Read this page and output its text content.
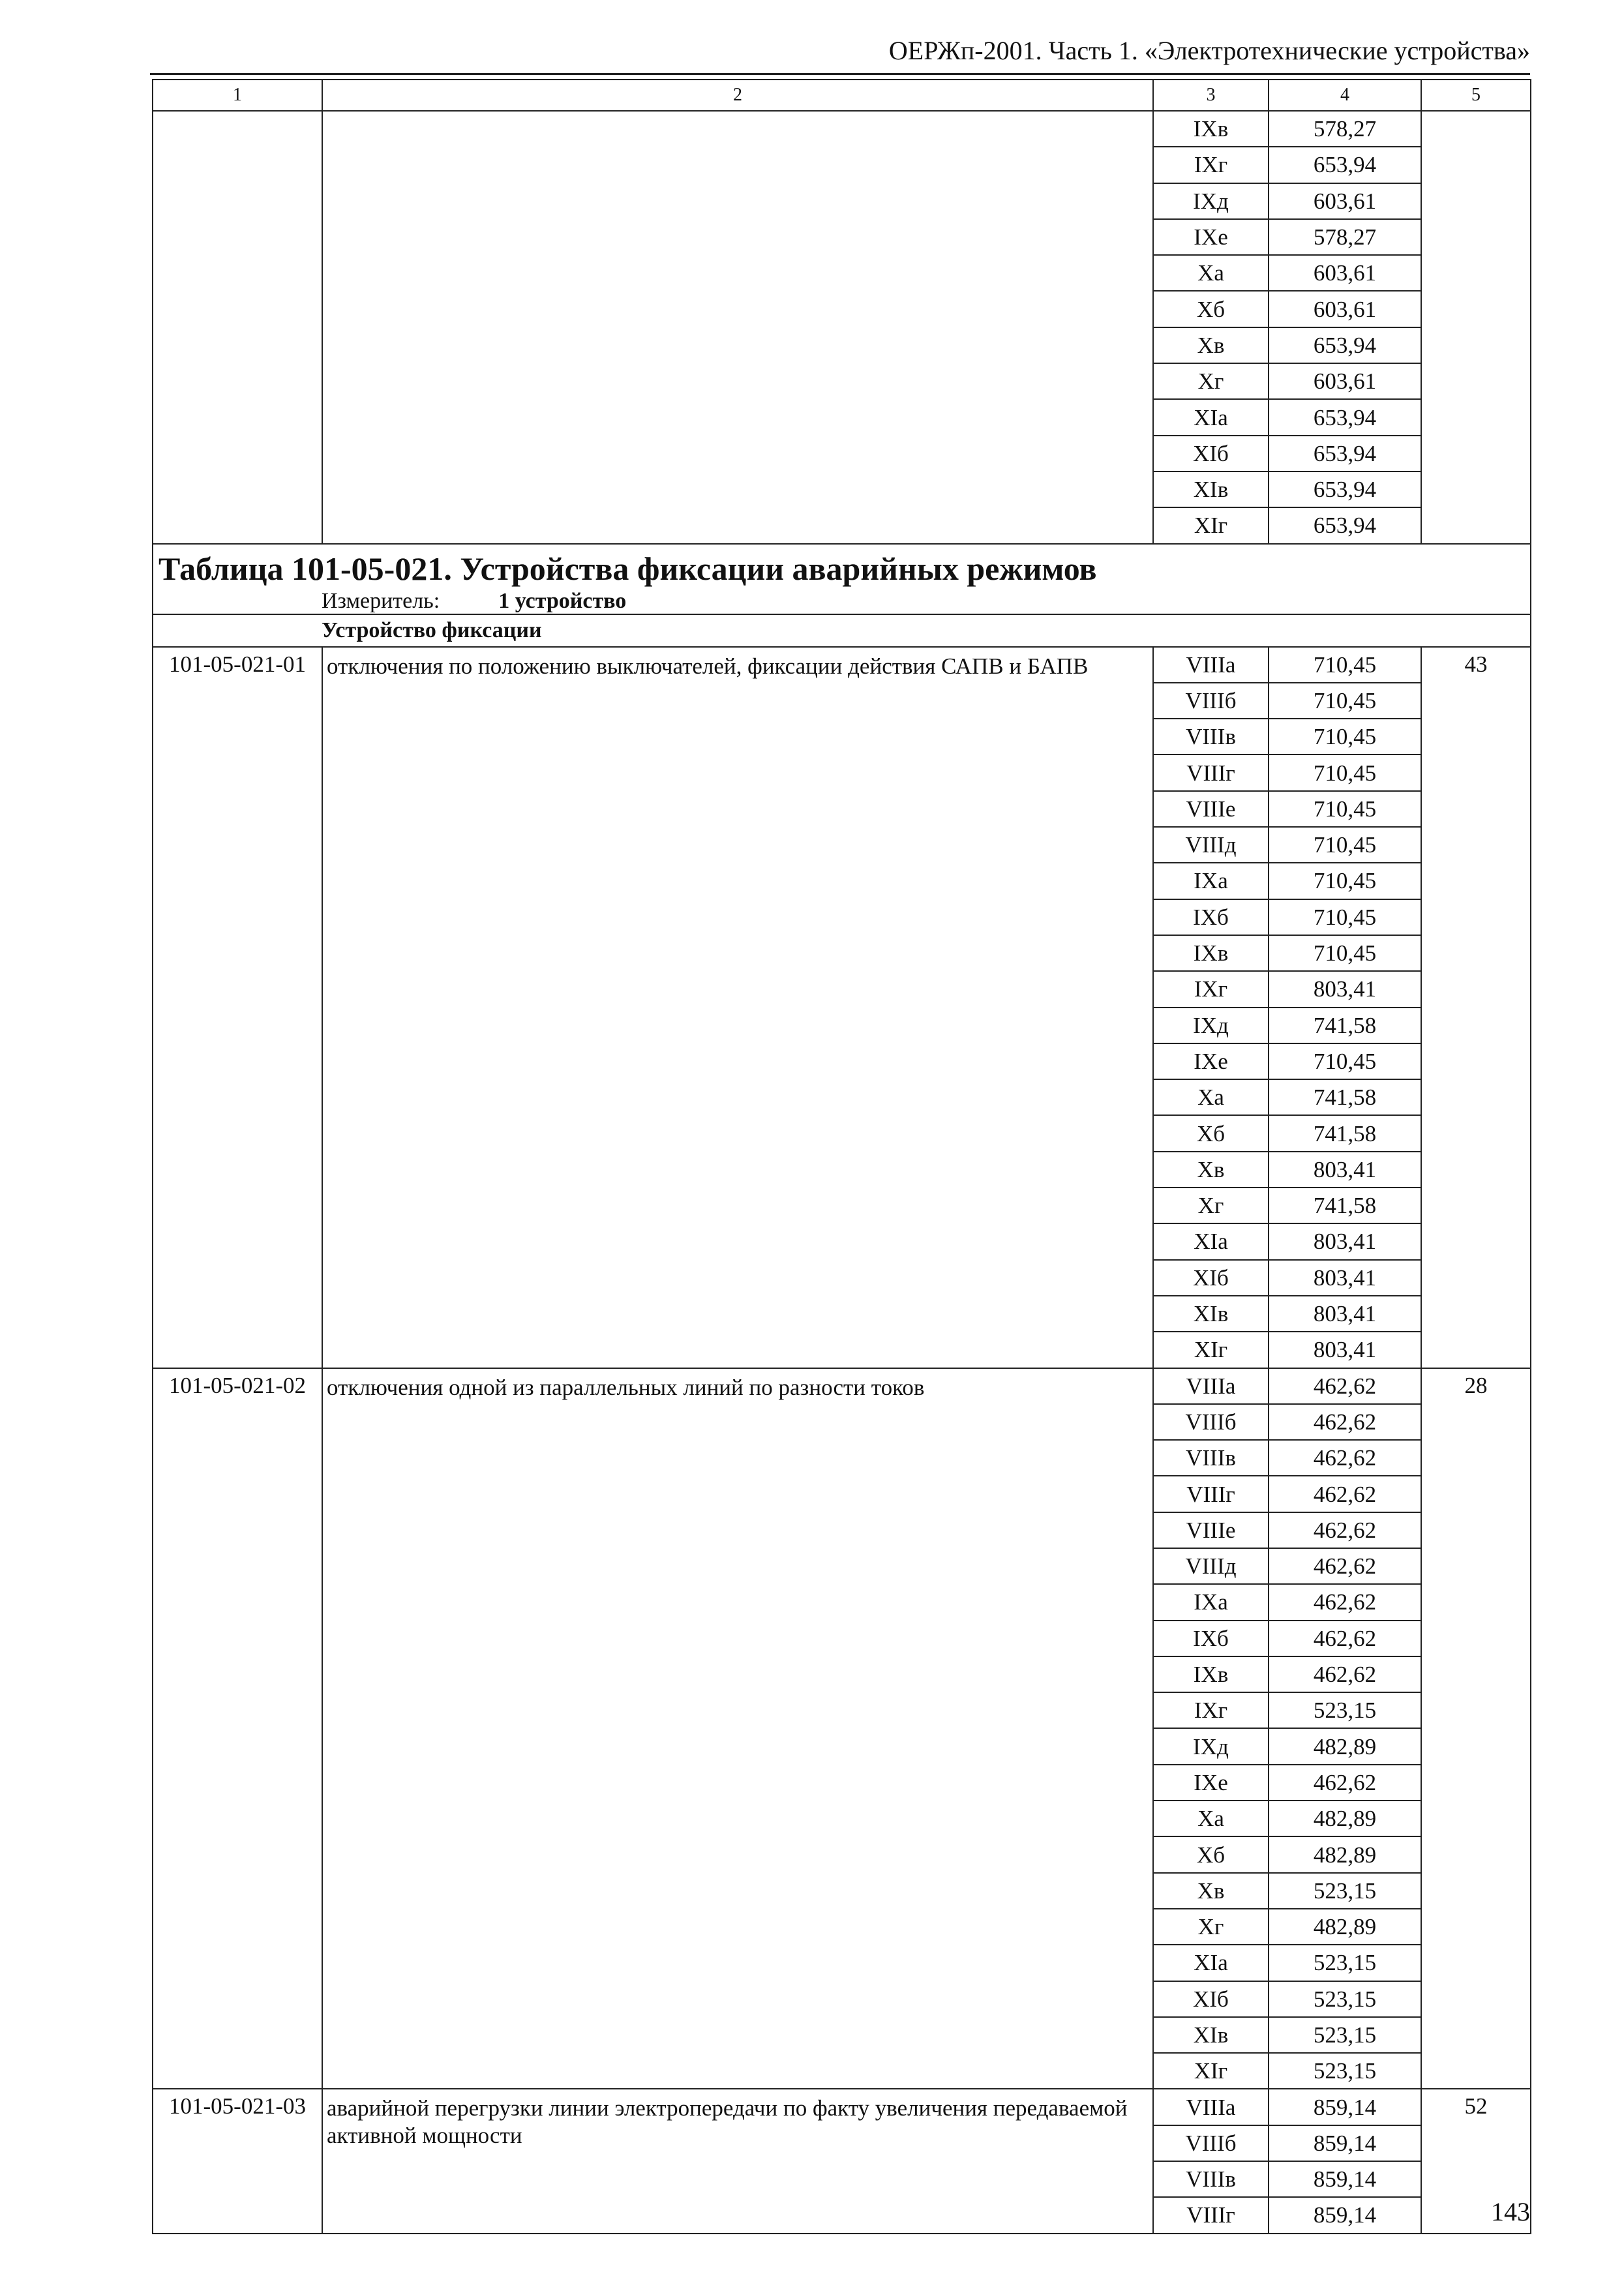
ОЕРЖп-2001. Часть 1. «Электротехнические устройства»
1	2	3	4	5
		IXв	578,27	
		IXг	653,94	
		IXд	603,61	
		IXе	578,27	
		Xа	603,61	
		Xб	603,61	
		Xв	653,94	
		Xг	603,61	
		XIа	653,94	
		XIб	653,94	
		XIв	653,94	
		XIг	653,94	

Таблица 101-05-021. Устройства фиксации аварийных режимов
Измеритель: 1 устройство				

Устройство фиксации				
101-05-021-01	отключения по положению выключателей, фиксации действия САПВ и БАПВ	VIIIа	710,45	43
		VIIIб	710,45	
		VIIIв	710,45	
		VIIIг	710,45	
		VIIIе	710,45	
		VIIIд	710,45	
		IXа	710,45	
		IXб	710,45	
		IXв	710,45	
		IXг	803,41	
		IXд	741,58	
		IXе	710,45	
		Xа	741,58	
		Xб	741,58	
		Xв	803,41	
		Xг	741,58	
		XIа	803,41	
		XIб	803,41	
		XIв	803,41	
		XIг	803,41	
101-05-021-02	отключения одной из параллельных линий по разности токов	VIIIа	462,62	28
		VIIIб	462,62	
		VIIIв	462,62	
		VIIIг	462,62	
		VIIIе	462,62	
		VIIIд	462,62	
		IXа	462,62	
		IXб	462,62	
		IXв	462,62	
		IXг	523,15	
		IXд	482,89	
		IXе	462,62	
		Xа	482,89	
		Xб	482,89	
		Xв	523,15	
		Xг	482,89	
		XIа	523,15	
		XIб	523,15	
		XIв	523,15	
		XIг	523,15	
101-05-021-03	аварийной перегрузки линии электропередачи по факту увеличения передаваемой активной мощности	VIIIа	859,14	52
		VIIIб	859,14	
		VIIIв	859,14	
		VIIIг	859,14		143
